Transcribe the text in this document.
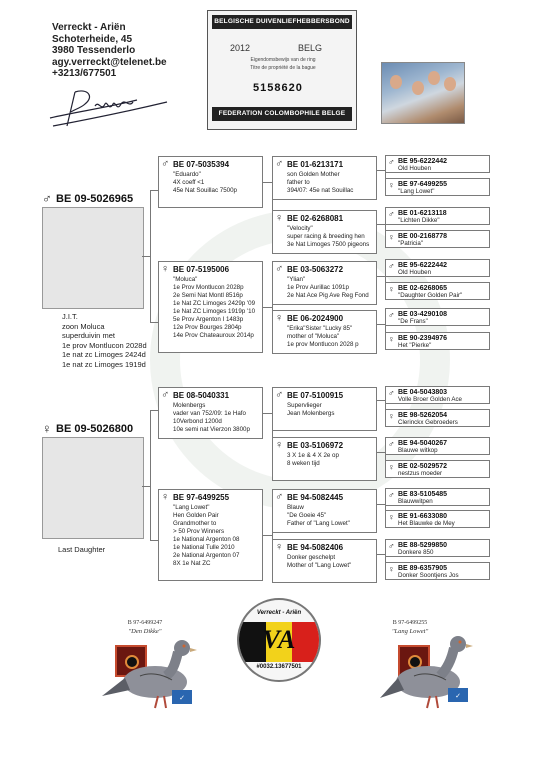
Verreckt - Ariën
Schoterheide, 45
3980 Tessenderlo
agy.verreckt@telenet.be
+3213/677501
BELGISCHE DUIVENLIEFHEBBERSBOND
2012	BELG
Eigendomsbewijs van de ring
Titre de propriété de la bague
5158620
FEDERATION COLOMBOPHILE BELGE
♂ BE 09-5026965
J.I.T.
zoon Moluca
superduivin met
1e prov Montlucon 2028d
1e nat zc Limoges 2424d
1e nat zc Limoges 1919d
♀ BE 09-5026800
Last Daughter
♂ BE 07-5035394
"Eduardo"
4X coeff <1
45e Nat Souillac 7500p
♀ BE 07-5195006
"Moluca"
1e Prov Montlucon 2028p
2e Semi Nat Montl 8516p
1e Nat ZC Limoges 2429p '09
1e Nat ZC Limoges 1919p '10
5e Prov Argenton I 1483p
12e Prov Bourges 2804p
14e Prov Chateauroux 2014p
♂ BE 08-5040331
Molenbergs
vader van 752/09: 1e Hafo
10Verbond 1200d
10e semi nat Vierzon 3800p
♀ BE 97-6499255
"Lang Lowet"
Hen Golden Pair
Grandmother to
> 50 Prov Winners
1e National Argenton 08
1e National Tulle 2010
2e National Argenton 07
8X 1e Nat ZC
♂ BE 01-6213171
son Golden Mother
father to
394/07: 45e nat Souillac
♀ BE 02-6268081
"Velocity"
super racing & breeding hen
3e Nat Limoges 7500 pigeons
♂ BE 03-5063272
"Ylian"
1e Prov Aurillac 1091p
2e Nat Ace Pig Ave Reg Fond
♀ BE 06-2024900
"Erika"Sister "Lucky 85"
mother of "Moluca"
1e prov Montlucon 2028 p
♂ BE 07-5100915
Supervlieger
Jean Molenbergs
♀ BE 03-5106972
3 X 1e & 4 X 2e op
8 weken tijd
♂ BE 94-5082445
Blauw
"De Goeie 45"
Father of "Lang Lowet"
♀ BE 94-5082406
Donker geschelpt
Mother of "Lang Lowet"
♂ BE 95-6222442
Old Houben
♀ BE 97-6499255
"Lang Lowet"
♂ BE 01-6213118
"Lichten Dikke"
♀ BE 00-2168778
"Patricia"
♂ BE 95-6222442
Old Houben
♀ BE 02-6268065
"Daughter Golden Pair"
♂ BE 03-4290108
"De Frans"
♀ BE 90-2394976
Het "Pierke"
♂ BE 04-5043803
Volle Broer Golden Ace
♀ BE 98-5262054
Clerinckx Gebroeders
♂ BE 94-5040267
Blauwe witkop
♀ BE 02-5029572
nestzus moeder
♂ BE 83-5105485
Blauwwitpen
♀ BE 91-6633080
Het Blauwke de Mey
♂ BE 88-5299850
Donkere 850
♀ BE 89-6357905
Donker Soontjens Jos
B 97-6499247
"Den Dikke"
✓
Verreckt - Ariën
VA
#0032.13677501
B 97-6499255
"Lang Lowet"
✓
